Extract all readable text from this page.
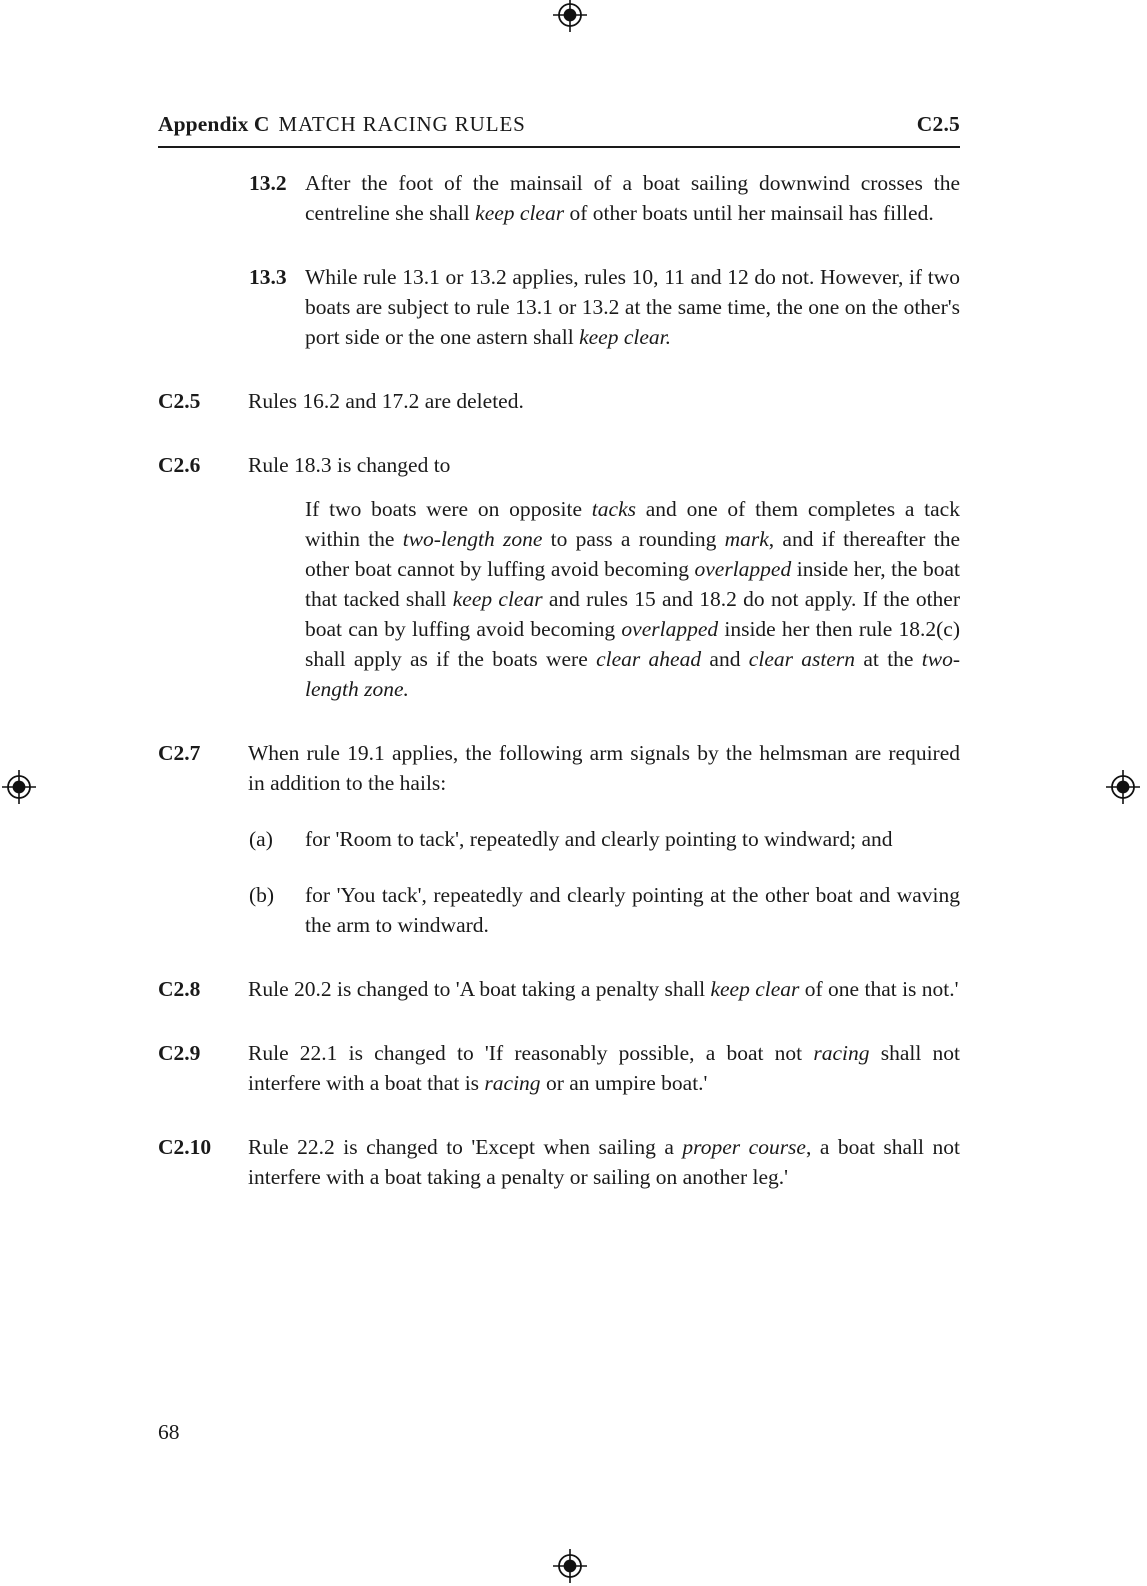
Appendix C MATCH RACING RULES	C2.5
13.2 After the foot of the mainsail of a boat sailing downwind crosses the centreline she shall keep clear of other boats until her mainsail has filled.
13.3 While rule 13.1 or 13.2 applies, rules 10, 11 and 12 do not. However, if two boats are subject to rule 13.1 or 13.2 at the same time, the one on the other's port side or the one astern shall keep clear.
C2.5 Rules 16.2 and 17.2 are deleted.
C2.6 Rule 18.3 is changed to
If two boats were on opposite tacks and one of them completes a tack within the two-length zone to pass a rounding mark, and if thereafter the other boat cannot by luffing avoid becoming overlapped inside her, the boat that tacked shall keep clear and rules 15 and 18.2 do not apply. If the other boat can by luffing avoid becoming overlapped inside her then rule 18.2(c) shall apply as if the boats were clear ahead and clear astern at the two-length zone.
C2.7 When rule 19.1 applies, the following arm signals by the helmsman are required in addition to the hails:
(a) for 'Room to tack', repeatedly and clearly pointing to windward; and
(b) for 'You tack', repeatedly and clearly pointing at the other boat and waving the arm to windward.
C2.8 Rule 20.2 is changed to 'A boat taking a penalty shall keep clear of one that is not.'
C2.9 Rule 22.1 is changed to 'If reasonably possible, a boat not racing shall not interfere with a boat that is racing or an umpire boat.'
C2.10 Rule 22.2 is changed to 'Except when sailing a proper course, a boat shall not interfere with a boat taking a penalty or sailing on another leg.'
68
